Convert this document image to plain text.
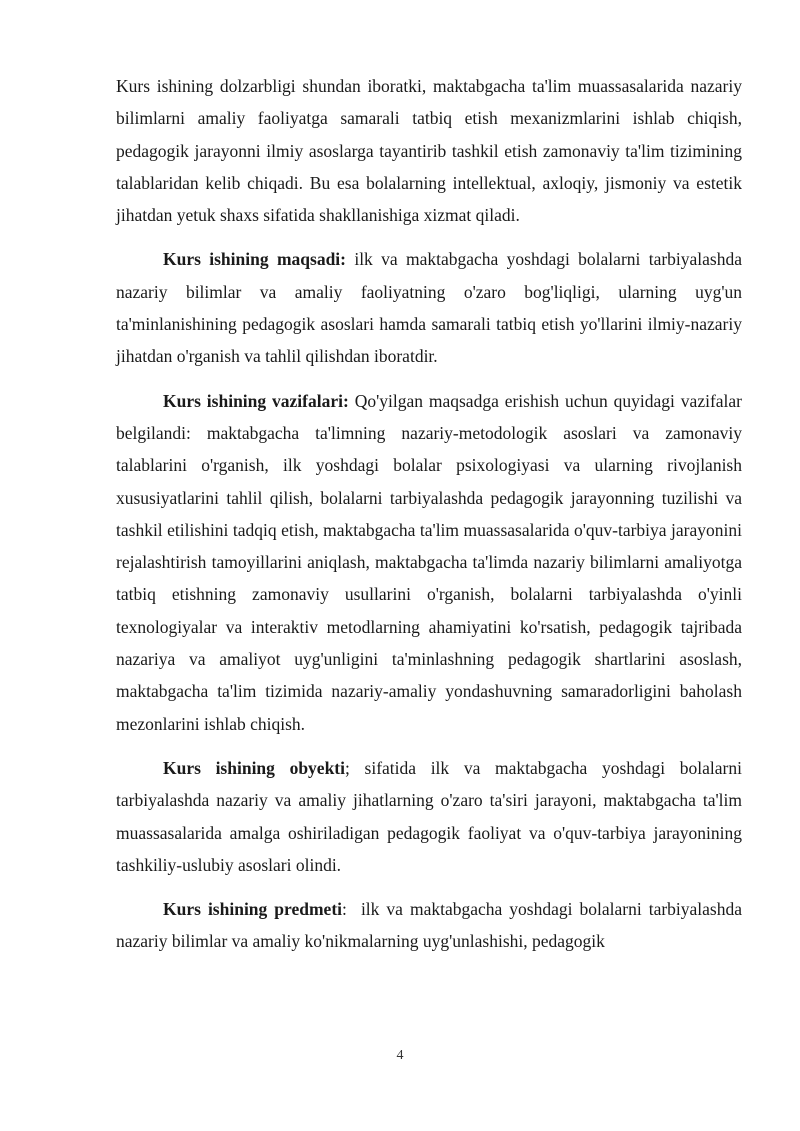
Kurs ishining dolzarbligi shundan iboratki, maktabgacha ta'lim muassasalarida nazariy bilimlarni amaliy faoliyatga samarali tatbiq etish mexanizmlarini ishlab chiqish, pedagogik jarayonni ilmiy asoslarga tayantirib tashkil etish zamonaviy ta'lim tizimining talablaridan kelib chiqadi. Bu esa bolalarning intellektual, axloqiy, jismoniy va estetik jihatdan yetuk shaxs sifatida shakllanishiga xizmat qiladi.

Kurs ishining maqsadi: ilk va maktabgacha yoshdagi bolalarni tarbiyalashda nazariy bilimlar va amaliy faoliyatning o'zaro bog'liqligi, ularning uyg'un ta'minlanishining pedagogik asoslari hamda samarali tatbiq etish yo'llarini ilmiy-nazariy jihatdan o'rganish va tahlil qilishdan iboratdir.

Kurs ishining vazifalari: Qo'yilgan maqsadga erishish uchun quyidagi vazifalar belgilandi: maktabgacha ta'limning nazariy-metodologik asoslari va zamonaviy talablarini o'rganish, ilk yoshdagi bolalar psixologiyasi va ularning rivojlanish xususiyatlarini tahlil qilish, bolalarni tarbiyalashda pedagogik jarayonning tuzilishi va tashkil etilishini tadqiq etish, maktabgacha ta'lim muassasalarida o'quv-tarbiya jarayonini rejalashtirish tamoyillarini aniqlash, maktabgacha ta'limda nazariy bilimlarni amaliyotga tatbiq etishning zamonaviy usullarini o'rganish, bolalarni tarbiyalashda o'yinli texnologiyalar va interaktiv metodlarning ahamiyatini ko'rsatish, pedagogik tajribada nazariya va amaliyot uyg'unligini ta'minlashning pedagogik shartlarini asoslash, maktabgacha ta'lim tizimida nazariy-amaliy yondashuvning samaradorligini baholash mezonlarini ishlab chiqish.

Kurs ishining obyekti; sifatida ilk va maktabgacha yoshdagi bolalarni tarbiyalashda nazariy va amaliy jihatlarning o'zaro ta'siri jarayoni, maktabgacha ta'lim muassasalarida amalga oshiriladigan pedagogik faoliyat va o'quv-tarbiya jarayonining tashkiliy-uslubiy asoslari olindi.

Kurs ishining predmeti:  ilk va maktabgacha yoshdagi bolalarni tarbiyalashda nazariy bilimlar va amaliy ko'nikmalarning uyg'unlashishi, pedagogik

4
